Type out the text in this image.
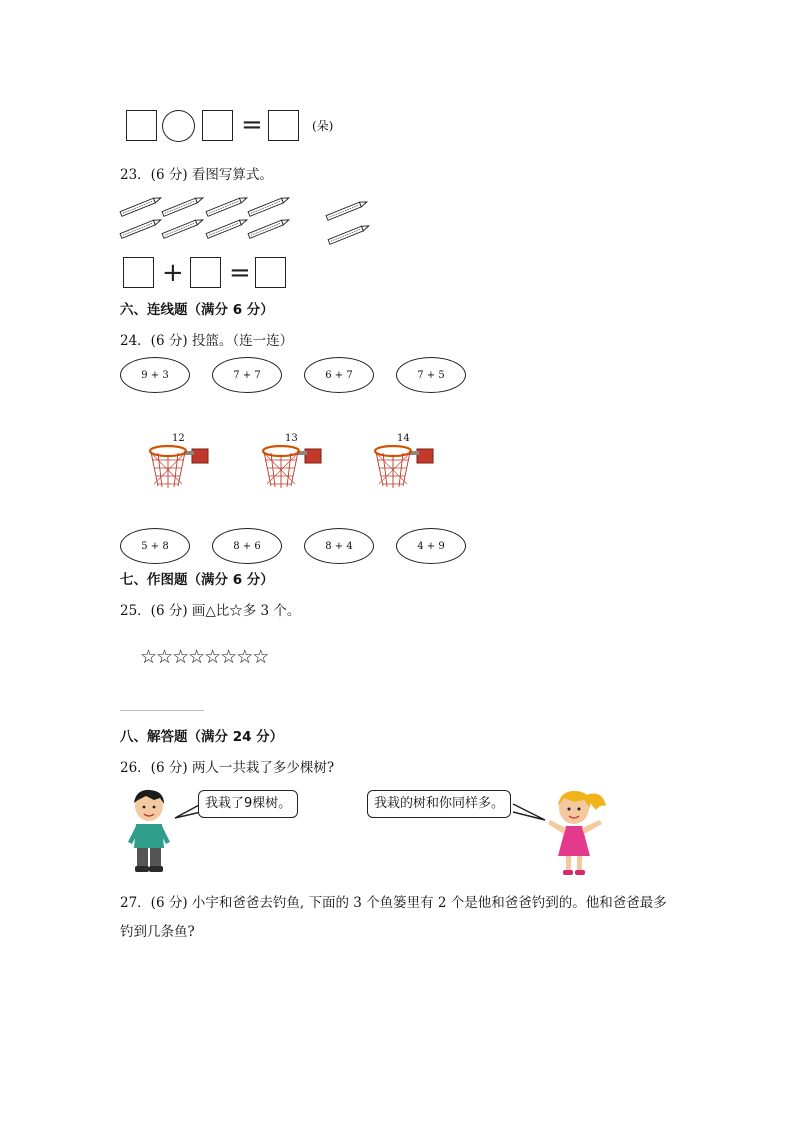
=	(朵)
23．(6 分) 看图写算式。
+ =
六、连线题（满分 6 分）
24．(6 分) 投篮。（连一连）
9 + 3	7 + 7	6 + 7	7 + 5
12	13	14
5 + 8	8 + 6	8 + 4	4 + 9
七、作图题（满分 6 分）
25．(6 分) 画△比☆多 3 个。
☆☆☆☆☆☆☆☆
八、解答题（满分 24 分）
26．(6 分) 两人一共栽了多少棵树?
我栽了9棵树。	我栽的树和你同样多。
27．(6 分) 小宇和爸爸去钓鱼, 下面的 3 个鱼篓里有 2 个是他和爸爸钓到的。他和爸爸最多
钓到几条鱼?
